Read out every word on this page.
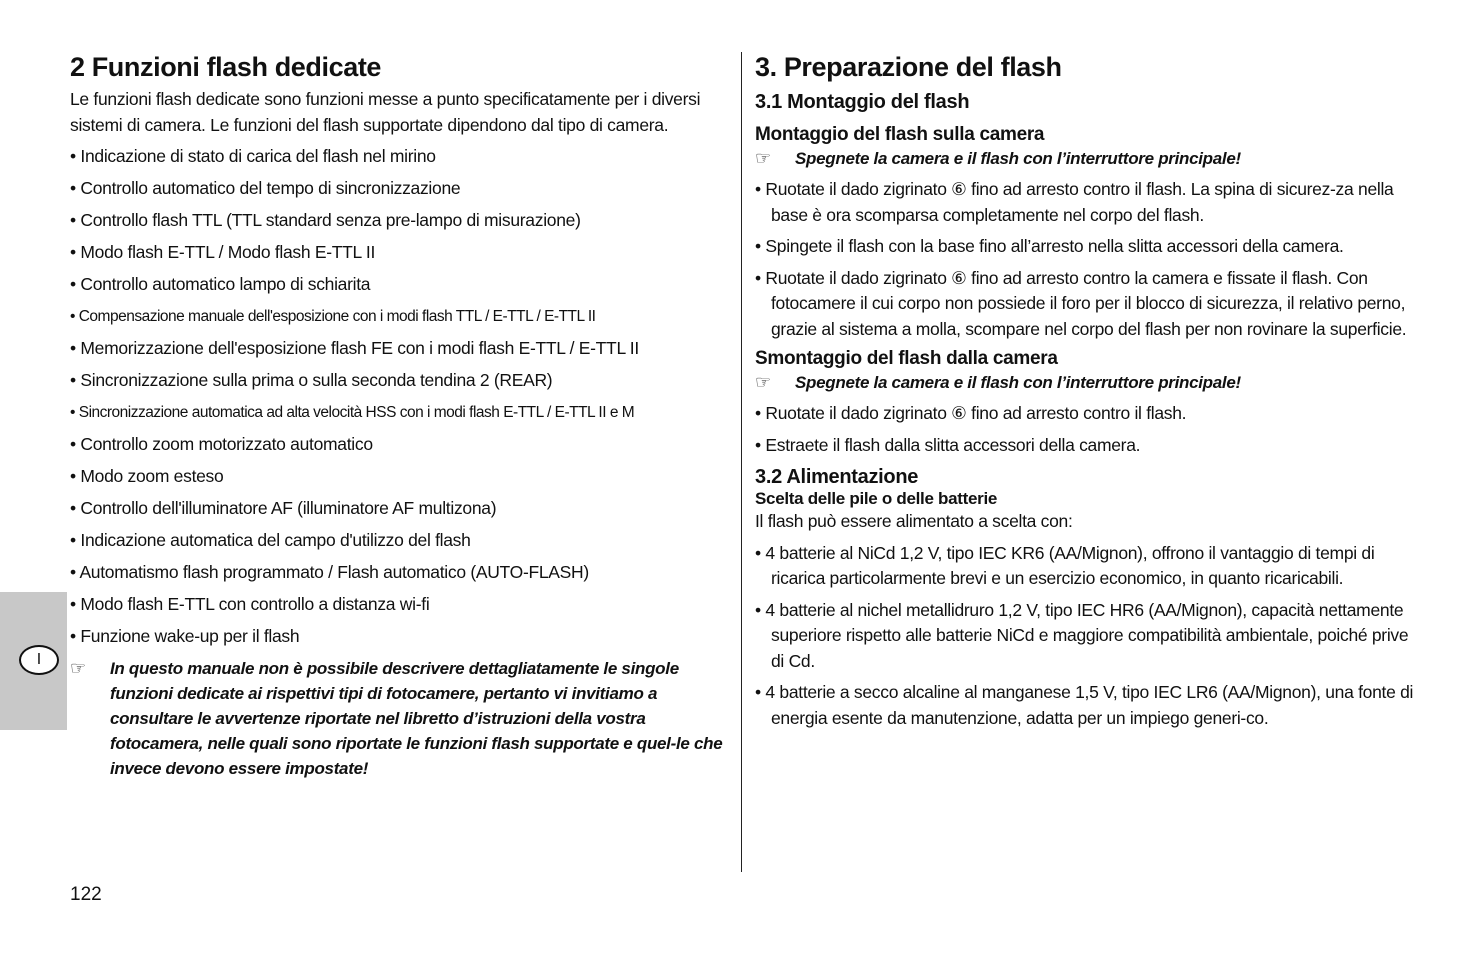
I
2 Funzioni flash dedicate

Le funzioni flash dedicate sono funzioni messe a punto specificatamente per i diversi sistemi di camera. Le funzioni del flash supportate dipendono dal tipo di camera.

• Indicazione di stato di carica del flash nel mirino
• Controllo automatico del tempo di sincronizzazione
• Controllo flash TTL (TTL standard senza pre-lampo di misurazione)
• Modo flash E-TTL / Modo flash E-TTL II
• Controllo automatico lampo di schiarita
• Compensazione manuale dell'esposizione con i modi flash TTL / E-TTL / E-TTL II
• Memorizzazione dell'esposizione flash FE con i modi flash E-TTL / E-TTL II
• Sincronizzazione sulla prima o sulla seconda tendina 2 (REAR)
• Sincronizzazione automatica ad alta velocità HSS con i modi flash E-TTL / E-TTL II e M
• Controllo zoom motorizzato automatico
• Modo zoom esteso
• Controllo dell'illuminatore AF (illuminatore AF multizona)
• Indicazione automatica del campo d'utilizzo del flash
• Automatismo flash programmato / Flash automatico (AUTO-FLASH)
• Modo flash E-TTL con controllo a distanza wi-fi
• Funzione wake-up per il flash
☞	In questo manuale non è possibile descrivere dettagliatamente le singole funzioni dedicate ai rispettivi tipi di fotocamere, pertanto vi invitiamo a consultare le avvertenze riportate nel libretto d’istruzioni della vostra fotocamera, nelle quali sono riportate le funzioni flash supportate e quel-le che invece devono essere impostate!
3. Preparazione del flash
3.1 Montaggio del flash
Montaggio del flash sulla camera
☞	Spegnete la camera e il flash con l’interruttore principale!
• Ruotate il dado zigrinato ⑥ fino ad arresto contro il flash. La spina di sicurez-za nella base è ora scomparsa completamente nel corpo del flash.
• Spingete il flash con la base fino all’arresto nella slitta accessori della camera.
• Ruotate il dado zigrinato ⑥ fino ad arresto contro la camera e fissate il flash. Con fotocamere il cui corpo non possiede il foro per il blocco di sicurezza, il relativo perno, grazie al sistema a molla, scompare nel corpo del flash per non rovinare la superficie.
Smontaggio del flash dalla camera
☞	Spegnete la camera e il flash con l’interruttore principale!
• Ruotate il dado zigrinato ⑥ fino ad arresto contro il flash.
• Estraete il flash dalla slitta accessori della camera.
3.2 Alimentazione
Scelta delle pile o delle batterie

Il flash può essere alimentato a scelta con:

• 4 batterie al NiCd 1,2 V, tipo IEC KR6 (AA/Mignon), offrono il vantaggio di tempi di ricarica particolarmente brevi e un esercizio economico, in quanto ricaricabili.
• 4 batterie al nichel metallidruro 1,2 V, tipo IEC HR6 (AA/Mignon), capacità nettamente superiore rispetto alle batterie NiCd e maggiore compatibilità ambientale, poiché prive di Cd.
• 4 batterie a secco alcaline al manganese 1,5 V, tipo IEC LR6 (AA/Mignon), una fonte di energia esente da manutenzione, adatta per un impiego generi-co.
122
